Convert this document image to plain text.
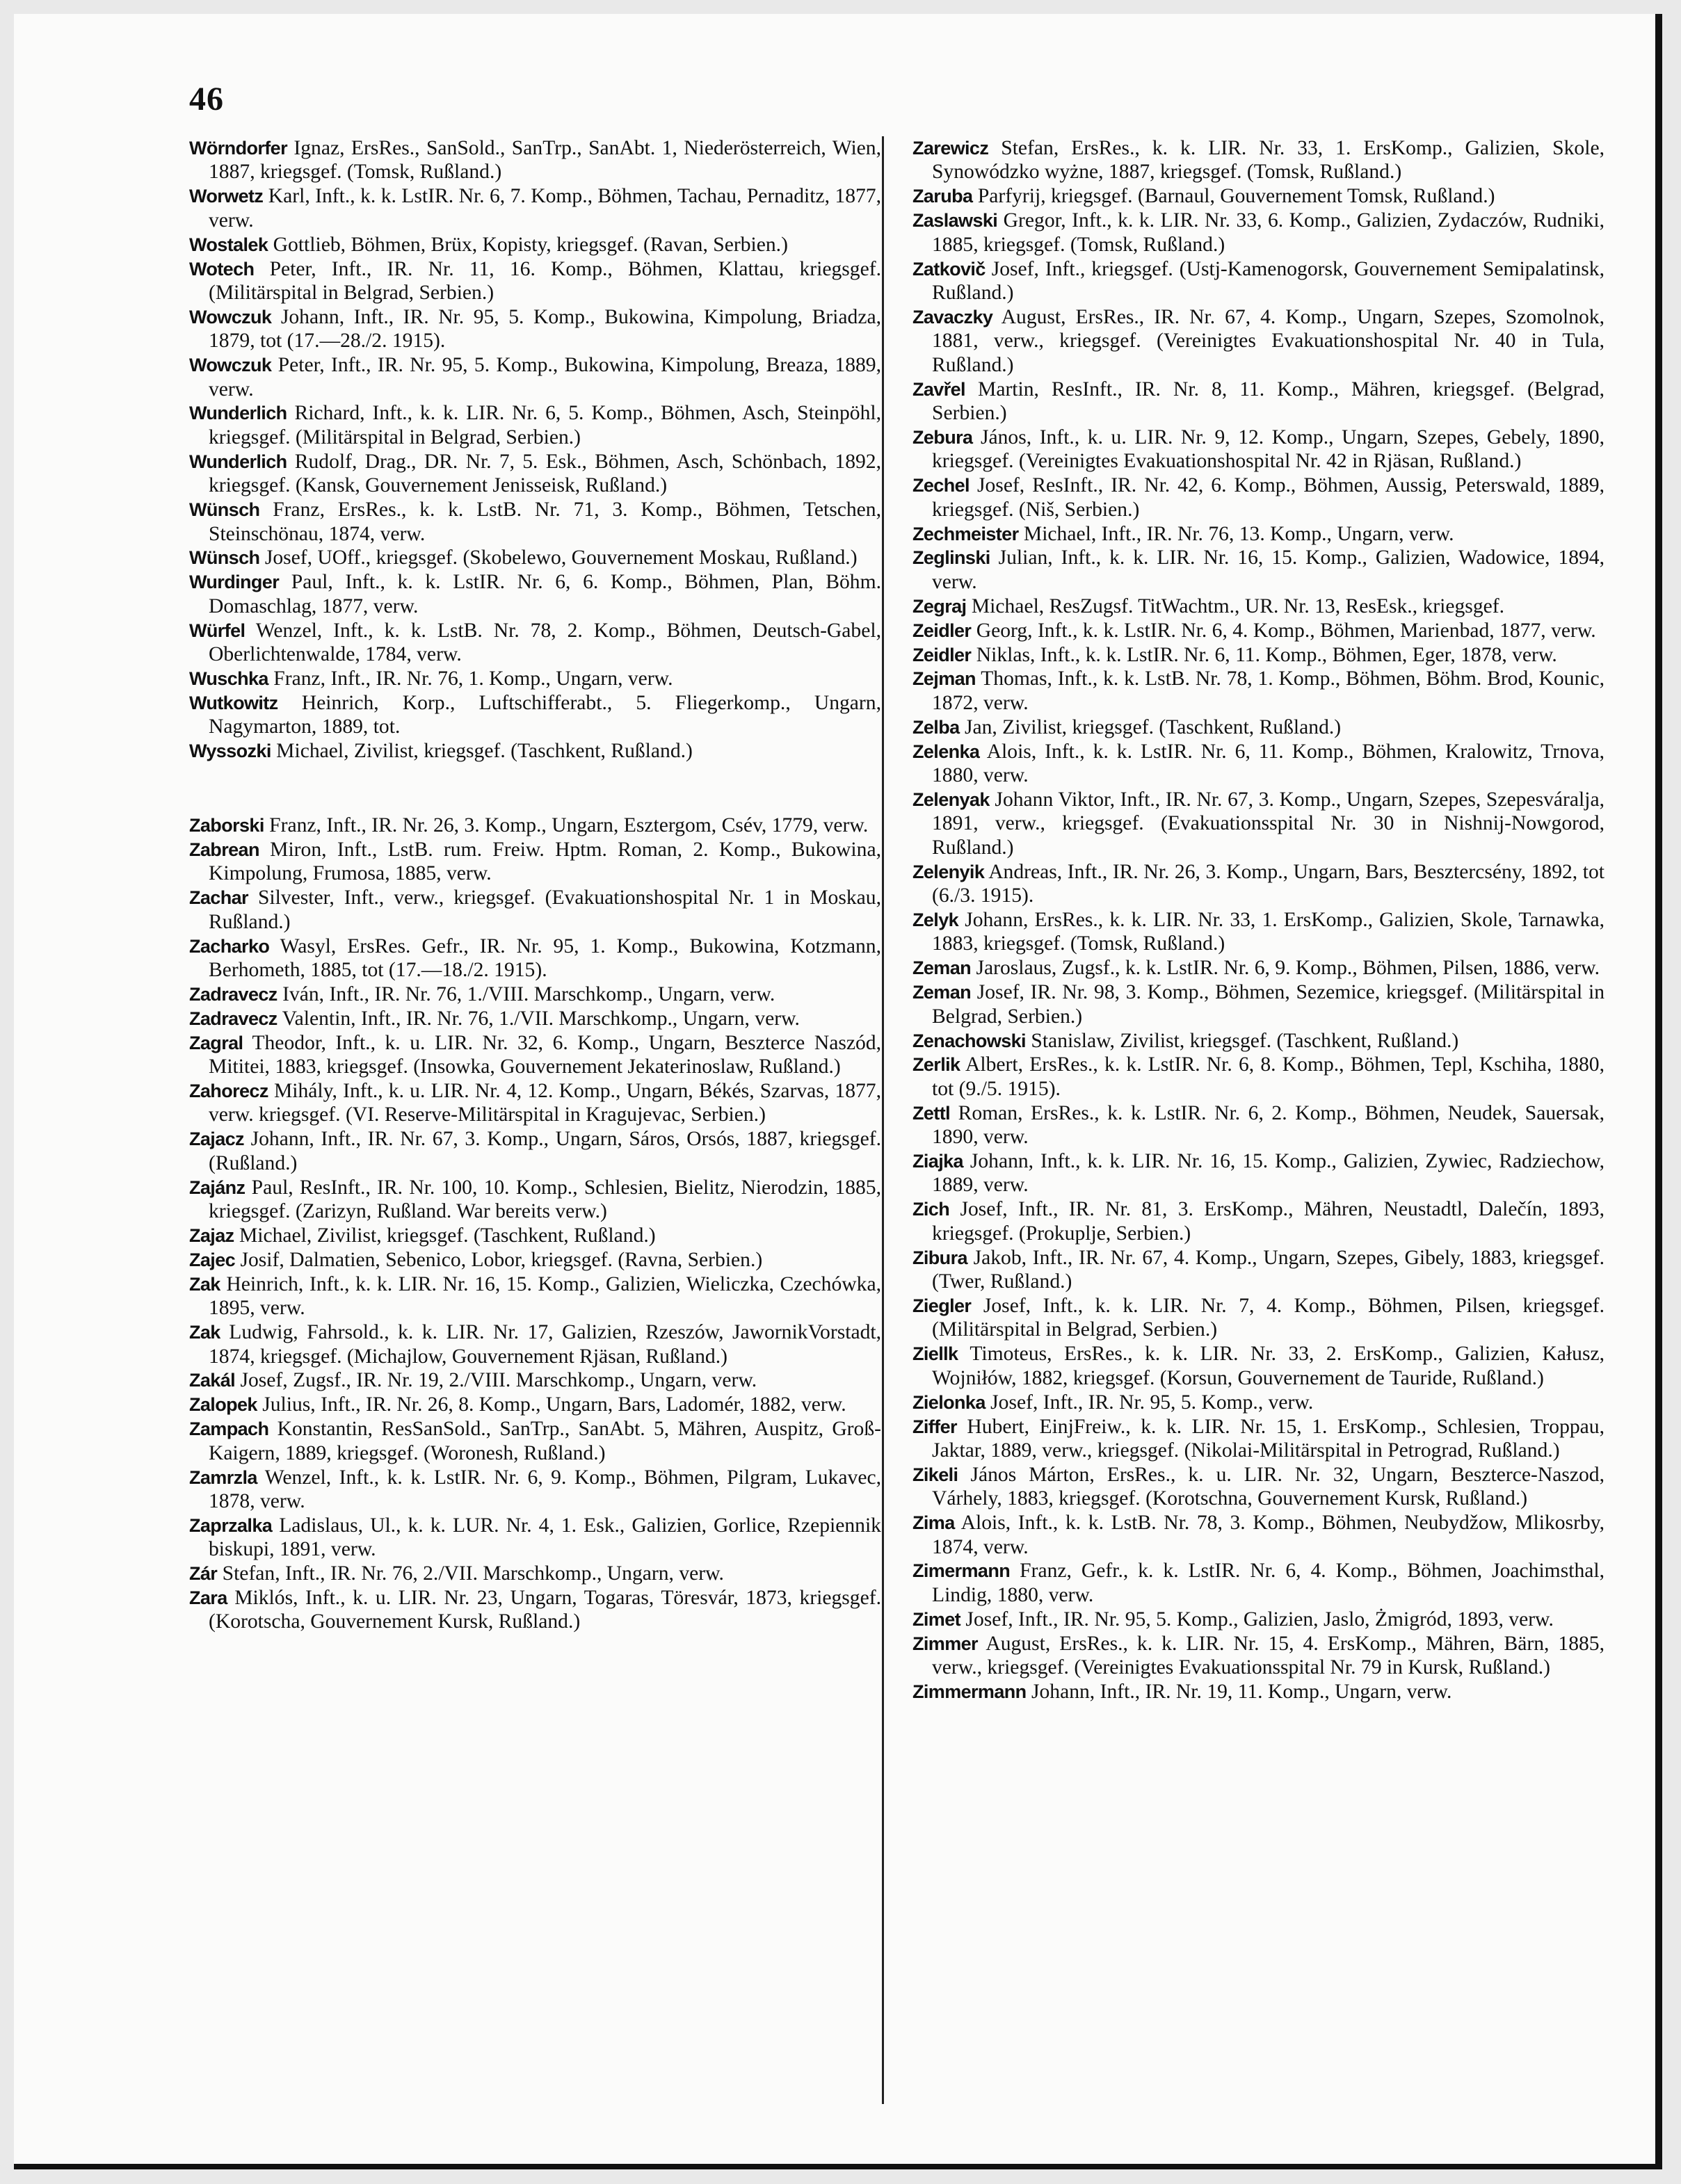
46

Wörndorfer Ignaz, ErsRes., SanSold., SanTrp., SanAbt. 1, Niederösterreich, Wien, 1887, kriegsgef. (Tomsk, Rußland.)

Worwetz Karl, Inft., k. k. LstIR. Nr. 6, 7. Komp., Böhmen, Tachau, Pernaditz, 1877, verw.

Wostalek Gottlieb, Böhmen, Brüx, Kopisty, kriegsgef. (Ravan, Serbien.)

Wotech Peter, Inft., IR. Nr. 11, 16. Komp., Böhmen, Klattau, kriegsgef. (Militärspital in Belgrad, Serbien.)

Wowczuk Johann, Inft., IR. Nr. 95, 5. Komp., Bukowina, Kimpolung, Briadza, 1879, tot (17.—28./2. 1915).

Wowczuk Peter, Inft., IR. Nr. 95, 5. Komp., Bukowina, Kimpolung, Breaza, 1889, verw.

Wunderlich Richard, Inft., k. k. LIR. Nr. 6, 5. Komp., Böhmen, Asch, Steinpöhl, kriegsgef. (Militärspital in Belgrad, Serbien.)

Wunderlich Rudolf, Drag., DR. Nr. 7, 5. Esk., Böhmen, Asch, Schönbach, 1892, kriegsgef. (Kansk, Gouvernement Jenisseisk, Rußland.)

Wünsch Franz, ErsRes., k. k. LstB. Nr. 71, 3. Komp., Böhmen, Tetschen, Steinschönau, 1874, verw.

Wünsch Josef, UOff., kriegsgef. (Skobelewo, Gouvernement Moskau, Rußland.)

Wurdinger Paul, Inft., k. k. LstIR. Nr. 6, 6. Komp., Böhmen, Plan, Böhm. Domaschlag, 1877, verw.

Würfel Wenzel, Inft., k. k. LstB. Nr. 78, 2. Komp., Böhmen, Deutsch-Gabel, Oberlichtenwalde, 1784, verw.

Wuschka Franz, Inft., IR. Nr. 76, 1. Komp., Ungarn, verw.

Wutkowitz Heinrich, Korp., Luftschifferabt., 5. Fliegerkomp., Ungarn, Nagymarton, 1889, tot.

Wyssozki Michael, Zivilist, kriegsgef. (Taschkent, Rußland.)

Zaborski Franz, Inft., IR. Nr. 26, 3. Komp., Ungarn, Esztergom, Csév, 1779, verw.

Zabrean Miron, Inft., LstB. rum. Freiw. Hptm. Roman, 2. Komp., Bukowina, Kimpolung, Frumosa, 1885, verw.

Zachar Silvester, Inft., verw., kriegsgef. (Evakuationshospital Nr. 1 in Moskau, Rußland.)

Zacharko Wasyl, ErsRes. Gefr., IR. Nr. 95, 1. Komp., Bukowina, Kotzmann, Berhometh, 1885, tot (17.—18./2. 1915).

Zadravecz Iván, Inft., IR. Nr. 76, 1./VIII. Marschkomp., Ungarn, verw.

Zadravecz Valentin, Inft., IR. Nr. 76, 1./VII. Marschkomp., Ungarn, verw.

Zagral Theodor, Inft., k. u. LIR. Nr. 32, 6. Komp., Ungarn, Beszterce Naszód, Mititei, 1883, kriegsgef. (Insowka, Gouvernement Jekaterinoslaw, Rußland.)

Zahorecz Mihály, Inft., k. u. LIR. Nr. 4, 12. Komp., Ungarn, Békés, Szarvas, 1877, verw. kriegsgef. (VI. Reserve-Militärspital in Kragujevac, Serbien.)

Zajacz Johann, Inft., IR. Nr. 67, 3. Komp., Ungarn, Sáros, Orsós, 1887, kriegsgef. (Rußland.)

Zajánz Paul, ResInft., IR. Nr. 100, 10. Komp., Schlesien, Bielitz, Nierodzin, 1885, kriegsgef. (Zarizyn, Rußland. War bereits verw.)

Zajaz Michael, Zivilist, kriegsgef. (Taschkent, Rußland.)

Zajec Josif, Dalmatien, Sebenico, Lobor, kriegsgef. (Ravna, Serbien.)

Zak Heinrich, Inft., k. k. LIR. Nr. 16, 15. Komp., Galizien, Wieliczka, Czechówka, 1895, verw.

Zak Ludwig, Fahrsold., k. k. LIR. Nr. 17, Galizien, Rzeszów, JawornikVorstadt, 1874, kriegsgef. (Michajlow, Gouvernement Rjäsan, Rußland.)

Zakál Josef, Zugsf., IR. Nr. 19, 2./VIII. Marschkomp., Ungarn, verw.

Zalopek Julius, Inft., IR. Nr. 26, 8. Komp., Ungarn, Bars, Ladomér, 1882, verw.

Zampach Konstantin, ResSanSold., SanTrp., SanAbt. 5, Mähren, Auspitz, Groß-Kaigern, 1889, kriegsgef. (Woronesh, Rußland.)

Zamrzla Wenzel, Inft., k. k. LstIR. Nr. 6, 9. Komp., Böhmen, Pilgram, Lukavec, 1878, verw.

Zaprzalka Ladislaus, Ul., k. k. LUR. Nr. 4, 1. Esk., Galizien, Gorlice, Rzepiennik biskupi, 1891, verw.

Zár Stefan, Inft., IR. Nr. 76, 2./VII. Marschkomp., Ungarn, verw.

Zara Miklós, Inft., k. u. LIR. Nr. 23, Ungarn, Togaras, Töresvár, 1873, kriegsgef. (Korotscha, Gouvernement Kursk, Rußland.)

Zarewicz Stefan, ErsRes., k. k. LIR. Nr. 33, 1. ErsKomp., Galizien, Skole, Synowódzko wyżne, 1887, kriegsgef. (Tomsk, Rußland.)

Zaruba Parfyrij, kriegsgef. (Barnaul, Gouvernement Tomsk, Rußland.)

Zaslawski Gregor, Inft., k. k. LIR. Nr. 33, 6. Komp., Galizien, Zydaczów, Rudniki, 1885, kriegsgef. (Tomsk, Rußland.)

Zatkovič Josef, Inft., kriegsgef. (Ustj-Kamenogorsk, Gouvernement Semipalatinsk, Rußland.)

Zavaczky August, ErsRes., IR. Nr. 67, 4. Komp., Ungarn, Szepes, Szomolnok, 1881, verw., kriegsgef. (Vereinigtes Evakuationshospital Nr. 40 in Tula, Rußland.)

Zavřel Martin, ResInft., IR. Nr. 8, 11. Komp., Mähren, kriegsgef. (Belgrad, Serbien.)

Zebura János, Inft., k. u. LIR. Nr. 9, 12. Komp., Ungarn, Szepes, Gebely, 1890, kriegsgef. (Vereinigtes Evakuationshospital Nr. 42 in Rjäsan, Rußland.)

Zechel Josef, ResInft., IR. Nr. 42, 6. Komp., Böhmen, Aussig, Peterswald, 1889, kriegsgef. (Niš, Serbien.)

Zechmeister Michael, Inft., IR. Nr. 76, 13. Komp., Ungarn, verw.

Zeglinski Julian, Inft., k. k. LIR. Nr. 16, 15. Komp., Galizien, Wadowice, 1894, verw.

Zegraj Michael, ResZugsf. TitWachtm., UR. Nr. 13, ResEsk., kriegsgef.

Zeidler Georg, Inft., k. k. LstIR. Nr. 6, 4. Komp., Böhmen, Marienbad, 1877, verw.

Zeidler Niklas, Inft., k. k. LstIR. Nr. 6, 11. Komp., Böhmen, Eger, 1878, verw.

Zejman Thomas, Inft., k. k. LstB. Nr. 78, 1. Komp., Böhmen, Böhm. Brod, Kounic, 1872, verw.

Zelba Jan, Zivilist, kriegsgef. (Taschkent, Rußland.)

Zelenka Alois, Inft., k. k. LstIR. Nr. 6, 11. Komp., Böhmen, Kralowitz, Trnova, 1880, verw.

Zelenyak Johann Viktor, Inft., IR. Nr. 67, 3. Komp., Ungarn, Szepes, Szepesváralja, 1891, verw., kriegsgef. (Evakuationsspital Nr. 30 in Nishnij-Nowgorod, Rußland.)

Zelenyik Andreas, Inft., IR. Nr. 26, 3. Komp., Ungarn, Bars, Besztercsény, 1892, tot (6./3. 1915).

Zelyk Johann, ErsRes., k. k. LIR. Nr. 33, 1. ErsKomp., Galizien, Skole, Tarnawka, 1883, kriegsgef. (Tomsk, Rußland.)

Zeman Jaroslaus, Zugsf., k. k. LstIR. Nr. 6, 9. Komp., Böhmen, Pilsen, 1886, verw.

Zeman Josef, IR. Nr. 98, 3. Komp., Böhmen, Sezemice, kriegsgef. (Militärspital in Belgrad, Serbien.)

Zenachowski Stanislaw, Zivilist, kriegsgef. (Taschkent, Rußland.)

Zerlik Albert, ErsRes., k. k. LstIR. Nr. 6, 8. Komp., Böhmen, Tepl, Kschiha, 1880, tot (9./5. 1915).

Zettl Roman, ErsRes., k. k. LstIR. Nr. 6, 2. Komp., Böhmen, Neudek, Sauersak, 1890, verw.

Ziajka Johann, Inft., k. k. LIR. Nr. 16, 15. Komp., Galizien, Zywiec, Radziechow, 1889, verw.

Zich Josef, Inft., IR. Nr. 81, 3. ErsKomp., Mähren, Neustadtl, Dalečín, 1893, kriegsgef. (Prokuplje, Serbien.)

Zibura Jakob, Inft., IR. Nr. 67, 4. Komp., Ungarn, Szepes, Gibely, 1883, kriegsgef. (Twer, Rußland.)

Ziegler Josef, Inft., k. k. LIR. Nr. 7, 4. Komp., Böhmen, Pilsen, kriegsgef. (Militärspital in Belgrad, Serbien.)

Ziellk Timoteus, ErsRes., k. k. LIR. Nr. 33, 2. ErsKomp., Galizien, Kałusz, Wojniłów, 1882, kriegsgef. (Korsun, Gouvernement de Tauride, Rußland.)

Zielonka Josef, Inft., IR. Nr. 95, 5. Komp., verw.

Ziffer Hubert, EinjFreiw., k. k. LIR. Nr. 15, 1. ErsKomp., Schlesien, Troppau, Jaktar, 1889, verw., kriegsgef. (Nikolai-Militärspital in Petrograd, Rußland.)

Zikeli János Márton, ErsRes., k. u. LIR. Nr. 32, Ungarn, Beszterce-Naszod, Várhely, 1883, kriegsgef. (Korotschna, Gouvernement Kursk, Rußland.)

Zima Alois, Inft., k. k. LstB. Nr. 78, 3. Komp., Böhmen, Neubydžow, Mlikosrby, 1874, verw.

Zimermann Franz, Gefr., k. k. LstIR. Nr. 6, 4. Komp., Böhmen, Joachimsthal, Lindig, 1880, verw.

Zimet Josef, Inft., IR. Nr. 95, 5. Komp., Galizien, Jaslo, Żmigród, 1893, verw.

Zimmer August, ErsRes., k. k. LIR. Nr. 15, 4. ErsKomp., Mähren, Bärn, 1885, verw., kriegsgef. (Vereinigtes Evakuationsspital Nr. 79 in Kursk, Rußland.)

Zimmermann Johann, Inft., IR. Nr. 19, 11. Komp., Ungarn, verw.
